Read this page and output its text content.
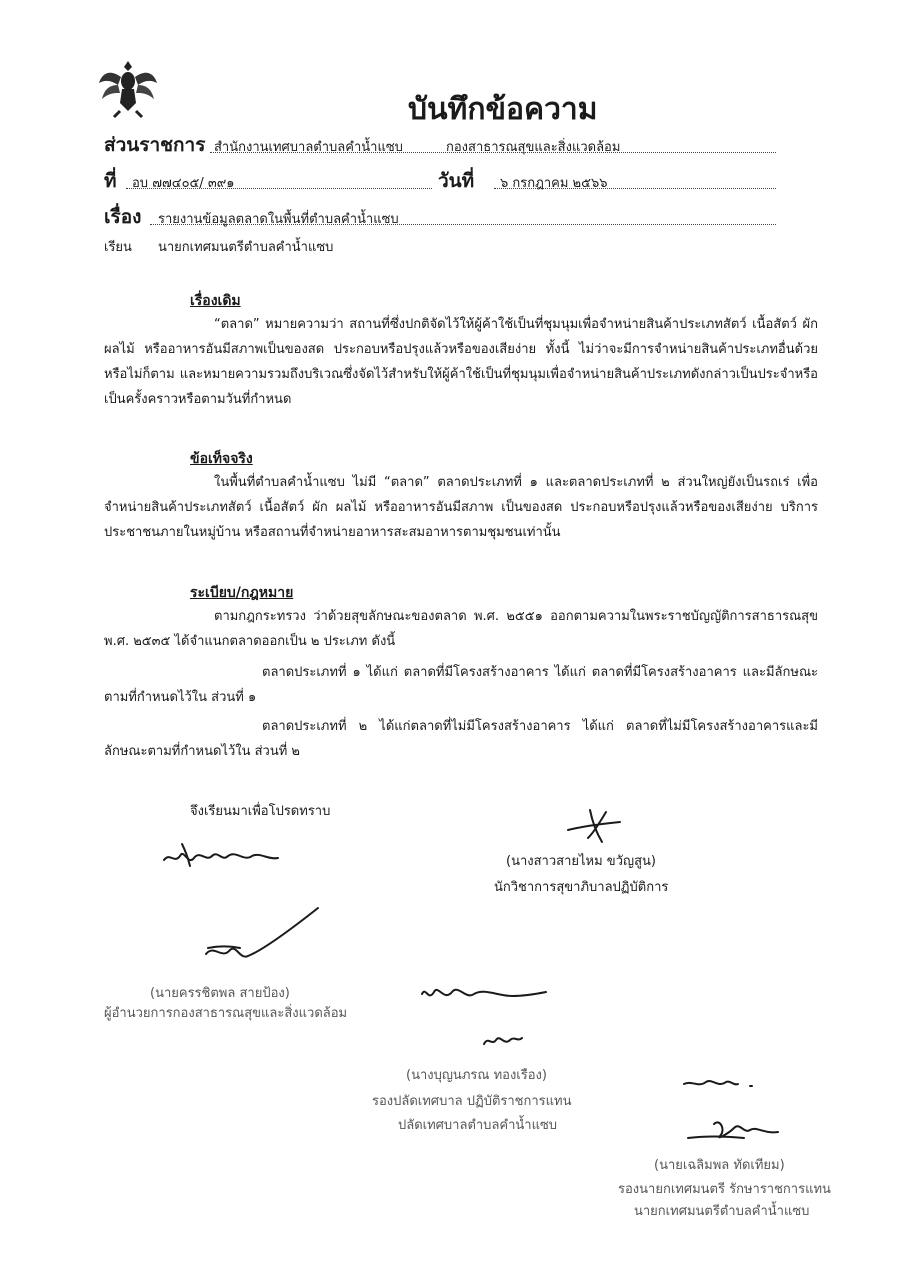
บันทึกข้อความ
ส่วนราชการ สำนักงานเทศบาลตำบลคำน้ำแซบ	กองสาธารณสุขและสิ่งแวดล้อม
ที่ อบ ๗๗๔๐๕/ ๓๙๑	วันที่ ๖ กรกฎาคม ๒๕๖๖
เรื่อง รายงานข้อมูลตลาดในพื้นที่ตำบลคำน้ำแซบ
เรียน นายกเทศมนตรีตำบลคำน้ำแซบ
เรื่องเดิม
“ตลาด” หมายความว่า สถานที่ซึ่งปกติจัดไว้ให้ผู้ค้าใช้เป็นที่ชุมนุมเพื่อจำหน่ายสินค้าประเภทสัตว์ เนื้อสัตว์ ผัก ผลไม้ หรืออาหารอันมีสภาพเป็นของสด ประกอบหรือปรุงแล้วหรือของเสียง่าย ทั้งนี้ ไม่ว่าจะมีการจำหน่ายสินค้าประเภทอื่นด้วยหรือไม่ก็ตาม และหมายความรวมถึงบริเวณซึ่งจัดไว้สำหรับให้ผู้ค้าใช้เป็นที่ชุมนุมเพื่อจำหน่ายสินค้าประเภทดังกล่าวเป็นประจำหรือเป็นครั้งคราวหรือตามวันที่กำหนด
ข้อเท็จจริง
ในพื้นที่ตำบลคำน้ำแซบ ไม่มี “ตลาด” ตลาดประเภทที่ ๑ และตลาดประเภทที่ ๒ ส่วนใหญ่ยังเป็นรถเร่ เพื่อจำหน่ายสินค้าประเภทสัตว์ เนื้อสัตว์ ผัก ผลไม้ หรืออาหารอันมีสภาพ เป็นของสด ประกอบหรือปรุงแล้วหรือของเสียง่าย บริการประชาชนภายในหมู่บ้าน หรือสถานที่จำหน่ายอาหารสะสมอาหารตามชุมชนเท่านั้น
ระเบียบ/กฎหมาย
ตามกฎกระทรวง ว่าด้วยสุขลักษณะของตลาด พ.ศ. ๒๕๕๑ ออกตามความในพระราชบัญญัติการสาธารณสุข พ.ศ. ๒๕๓๕ ได้จำแนกตลาดออกเป็น ๒ ประเภท ดังนี้
ตลาดประเภทที่ ๑ ได้แก่ ตลาดที่มีโครงสร้างอาคาร ได้แก่ ตลาดที่มีโครงสร้างอาคาร และมีลักษณะตามที่กำหนดไว้ใน ส่วนที่ ๑
ตลาดประเภทที่ ๒ ได้แก่ตลาดที่ไม่มีโครงสร้างอาคาร ได้แก่ ตลาดที่ไม่มีโครงสร้างอาคารและมีลักษณะตามที่กำหนดไว้ใน ส่วนที่ ๒
จึงเรียนมาเพื่อโปรดทราบ
(นางสาวสายไหม ขวัญสูน)
นักวิชาการสุขาภิบาลปฏิบัติการ
(นายครรชิตพล สายป้อง)
ผู้อำนวยการกองสาธารณสุขและสิ่งแวดล้อม
(นางบุญนภรณ ทองเรือง)
รองปลัดเทศบาล ปฏิบัติราชการแทน
ปลัดเทศบาลตำบลคำน้ำแซบ
(นายเฉลิมพล ทัดเทียม)
รองนายกเทศมนตรี รักษาราชการแทน
นายกเทศมนตรีตำบลคำน้ำแซบ
